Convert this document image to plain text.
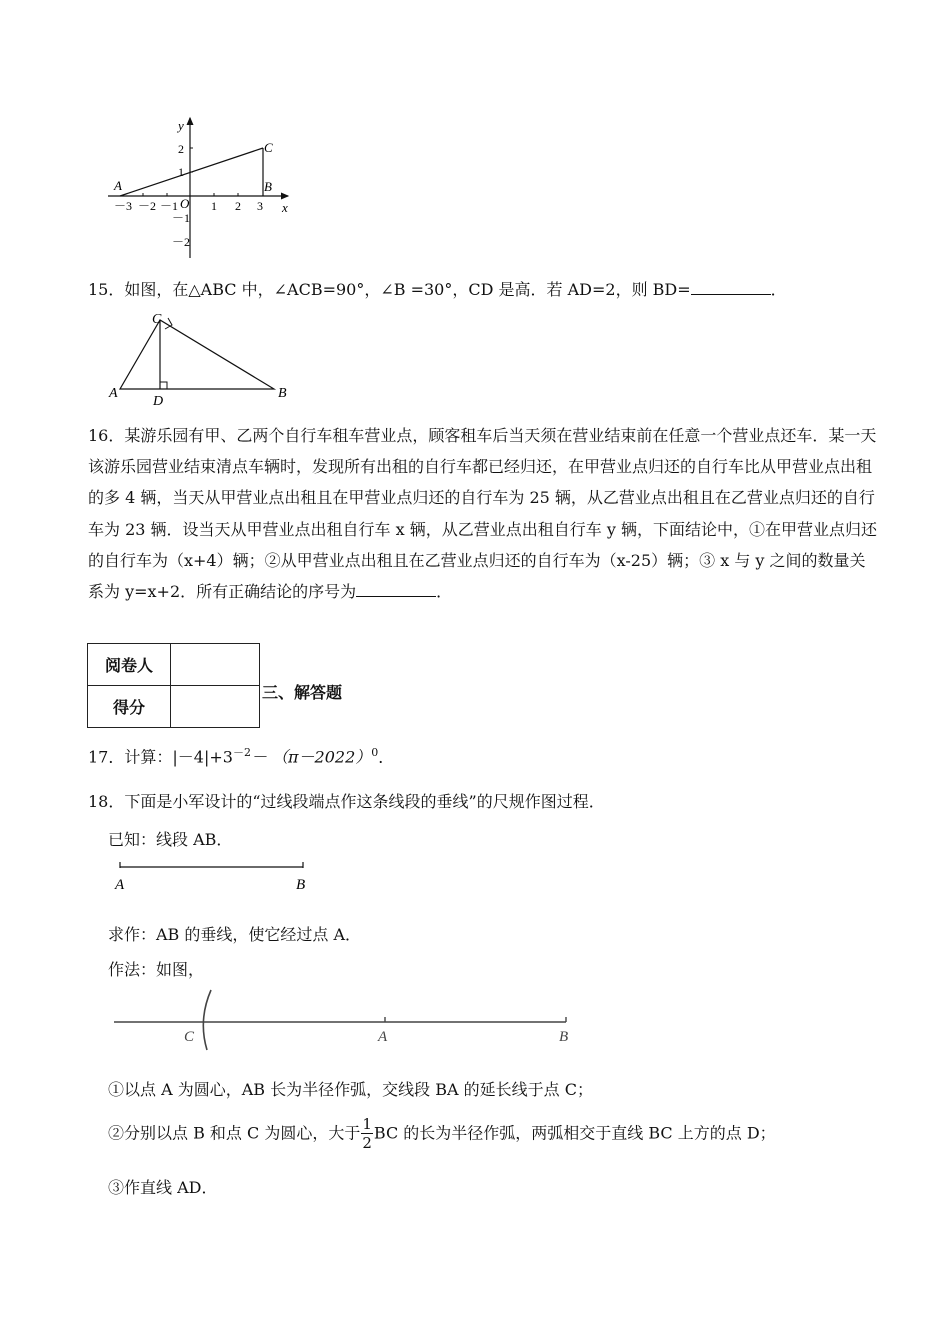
y
x
O
－3 －2 －1	1 2 3
2
1
－1
－2
A
C
B
15．如图，在△ABC 中，∠ACB=90°，∠B =30°，CD 是高．若 AD=2，则 BD=	．
C
A
D
B
16．某游乐园有甲、乙两个自行车租车营业点，顾客租车后当天须在营业结束前在任意一个营业点还车．某一天该游乐园营业结束清点车辆时，发现所有出租的自行车都已经归还，在甲营业点归还的自行车比从甲营业点出租的多 4 辆，当天从甲营业点出租且在甲营业点归还的自行车为 25 辆，从乙营业点出租且在乙营业点归还的自行车为 23 辆．设当天从甲营业点出租自行车 x 辆，从乙营业点出租自行车 y 辆，下面结论中，①在甲营业点归还的自行车为（x+4）辆；②从甲营业点出租且在乙营业点归还的自行车为（x-25）辆；③ x 与 y 之间的数量关系为 y=x+2．所有正确结论的序号为	．
阅卷人	
得分	
三、解答题
17．计算：$|-4|+3^{-2}- (\pi-2022)^0$．
18．下面是小军设计的“过线段端点作这条线段的垂线”的尺规作图过程．
已知：线段 AB．
A	B
求作：AB 的垂线，使它经过点 A．
作法：如图，
C	A	B
①以点 A 为圆心，AB 长为半径作弧，交线段 BA 的延长线于点 C；
②分别以点 B 和点 C 为圆心，大于 $\frac{1}{2}$ BC 的长为半径作弧，两弧相交于直线 BC 上方的点 D；
③作直线 AD．
